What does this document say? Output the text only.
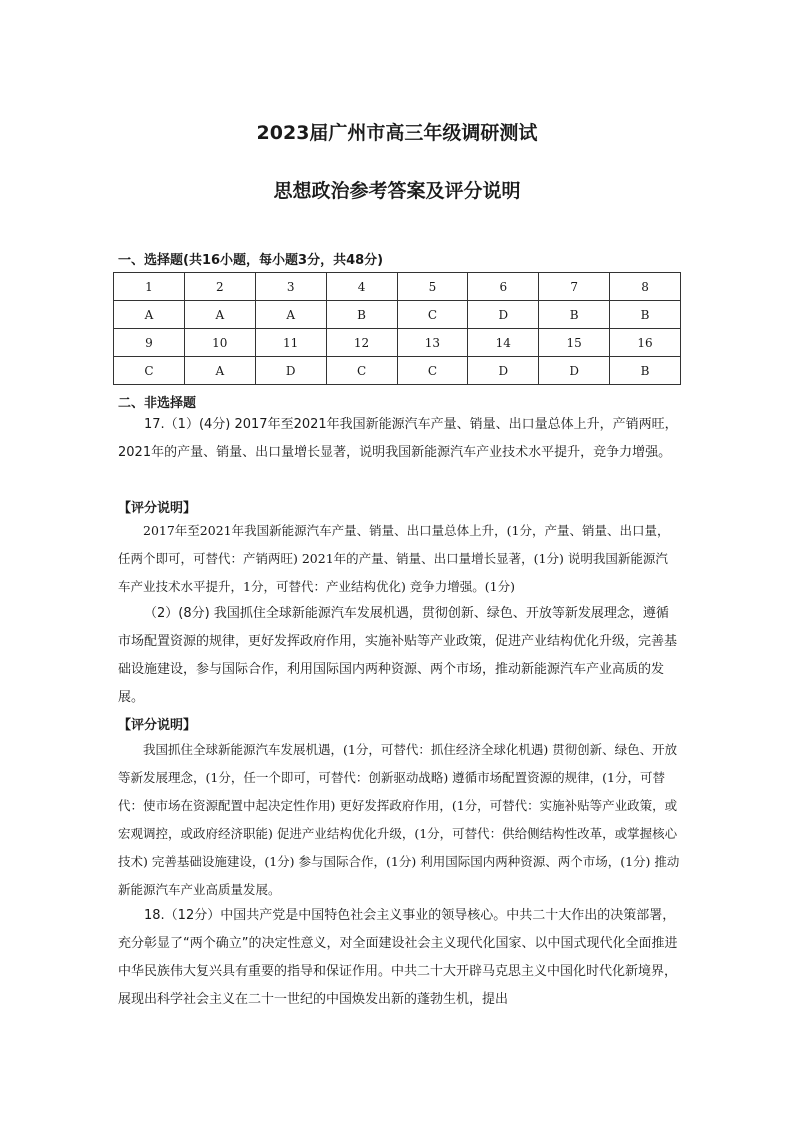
2023届广州市高三年级调研测试
思想政治参考答案及评分说明
一、选择题(共16小题，每小题3分，共48分)
1	2	3	4	5	6	7	8
A	A	A	B	C	D	B	B
9	10	11	12	13	14	15	16
C	A	D	C	C	D	D	B
二、非选择题

17.（1）(4分) 2017年至2021年我国新能源汽车产量、销量、出口量总体上升，产销两旺，2021年的产量、销量、出口量增长显著，说明我国新能源汽车产业技术水平提升，竞争力增强。

【评分说明】

2017年至2021年我国新能源汽车产量、销量、出口量总体上升，(1分，产量、销量、出口量，任两个即可，可替代：产销两旺) 2021年的产量、销量、出口量增长显著，(1分) 说明我国新能源汽车产业技术水平提升，1分，可替代：产业结构优化) 竞争力增强。(1分)

（2）(8分) 我国抓住全球新能源汽车发展机遇，贯彻创新、绿色、开放等新发展理念，遵循市场配置资源的规律，更好发挥政府作用，实施补贴等产业政策，促进产业结构优化升级，完善基础设施建设，参与国际合作，利用国际国内两种资源、两个市场，推动新能源汽车产业高质的发展。

【评分说明】

我国抓住全球新能源汽车发展机遇，(1分，可替代：抓住经济全球化机遇) 贯彻创新、绿色、开放等新发展理念，(1分，任一个即可，可替代：创新驱动战略) 遵循市场配置资源的规律，(1分，可替代：使市场在资源配置中起决定性作用) 更好发挥政府作用，(1分，可替代：实施补贴等产业政策，或宏观调控，或政府经济职能) 促进产业结构优化升级，(1分，可替代：供给侧结构性改革，或掌握核心技术) 完善基础设施建设，(1分) 参与国际合作，(1分) 利用国际国内两种资源、两个市场，(1分) 推动新能源汽车产业高质量发展。

18.（12分）中国共产党是中国特色社会主义事业的领导核心。中共二十大作出的决策部署，充分彰显了“两个确立”的决定性意义，对全面建设社会主义现代化国家、以中国式现代化全面推进中华民族伟大复兴具有重要的指导和保证作用。中共二十大开辟马克思主义中国化时代化新境界，展现出科学社会主义在二十一世纪的中国焕发出新的蓬勃生机，提出
